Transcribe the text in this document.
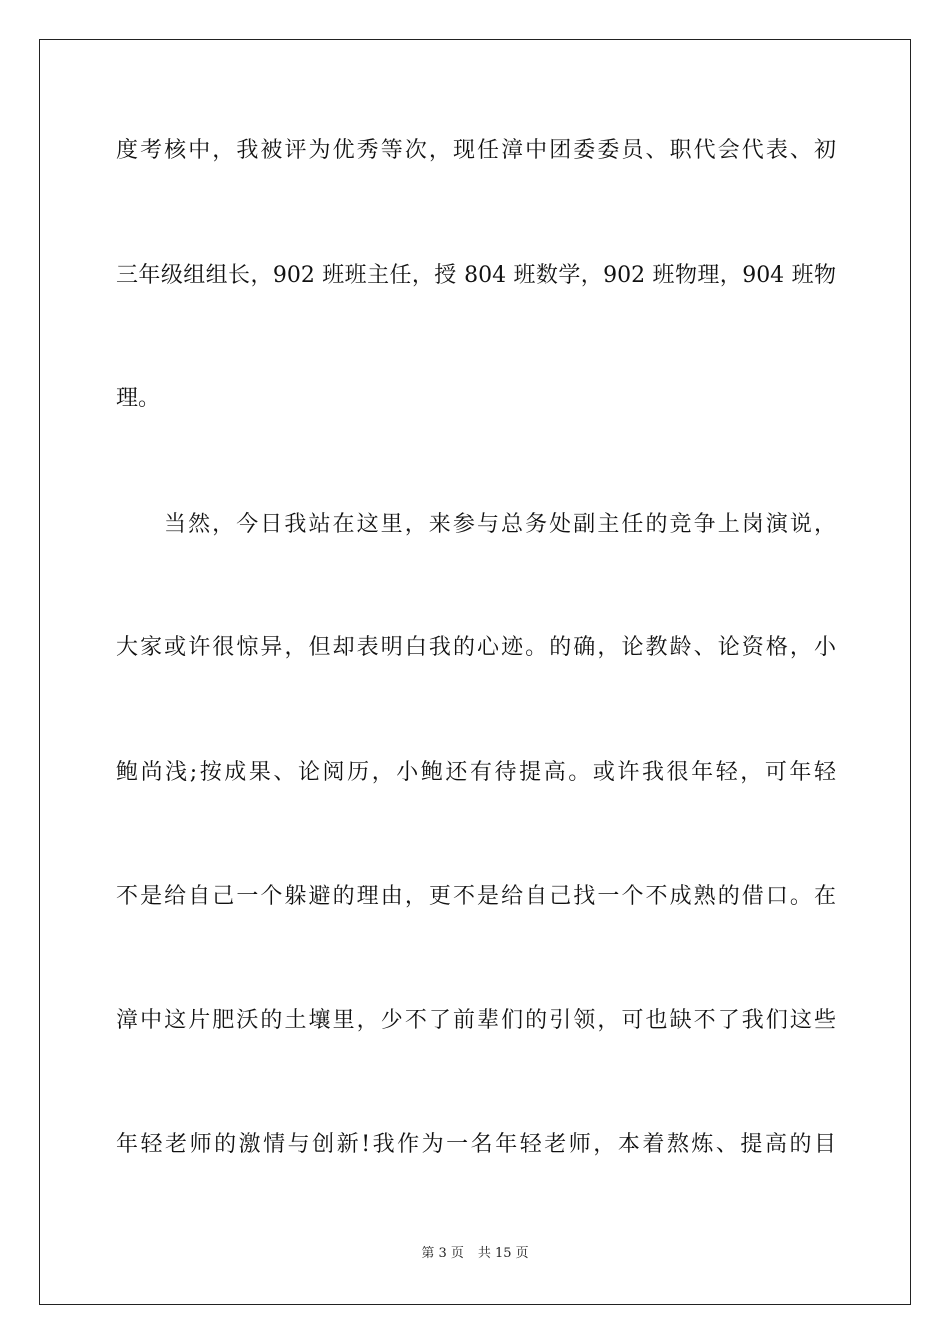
度考核中，我被评为优秀等次，现任漳中团委委员、职代会代表、初
三年级组组长，902 班班主任，授 804 班数学，902 班物理，904 班物
理。
当然，今日我站在这里，来参与总务处副主任的竞争上岗演说，
大家或许很惊异，但却表明白我的心迹。的确，论教龄、论资格，小
鲍尚浅;按成果、论阅历，小鲍还有待提高。或许我很年轻，可年轻
不是给自己一个躲避的理由，更不是给自己找一个不成熟的借口。在
漳中这片肥沃的土壤里，少不了前辈们的引领，可也缺不了我们这些
年轻老师的激情与创新!我作为一名年轻老师，本着熬炼、提高的目
第 3 页 共 15 页
